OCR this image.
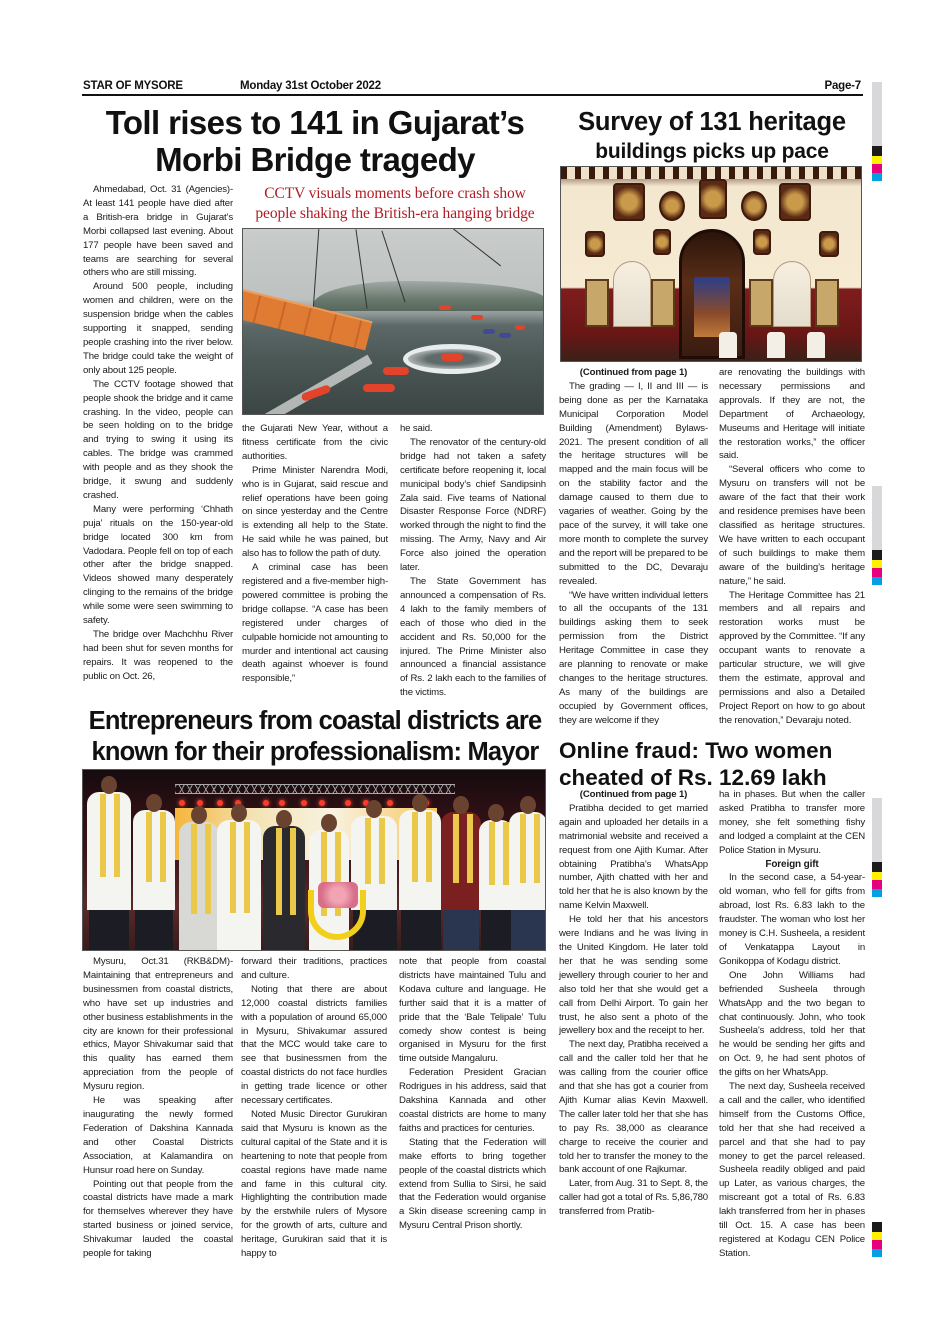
STAR OF MYSORE	Monday 31st October 2022	Page-7
Toll rises to 141 in Gujarat’s
Morbi Bridge tragedy
CCTV visuals moments before crash show
people shaking the British-era hanging bridge

Ahmedabad, Oct. 31 (Agencies)- At least 141 people have died after a British-era bridge in Gujarat’s Morbi collapsed last evening. About 177 people have been saved and teams are searching for several others who are still missing.

Around 500 people, including women and children, were on the suspension bridge when the cables supporting it snapped, sending people crashing into the river below. The bridge could take the weight of only about 125 people.

The CCTV footage showed that people shook the bridge and it came crashing. In the video, people can be seen holding on to the bridge and trying to swing it using its cables. The bridge was crammed with people and as they shook the bridge, it swung and suddenly crashed.

Many were performing ‘Chhath puja’ rituals on the 150-year-old bridge located 300 km from Vadodara. People fell on top of each other after the bridge snapped. Videos showed many desperately clinging to the remains of the bridge while some were seen swimming to safety.

The bridge over Machchhu River had been shut for seven months for repairs. It was reopened to the public on Oct. 26,

the Gujarati New Year, without a fitness certificate from the civic authorities.

Prime Minister Narendra Modi, who is in Gujarat, said rescue and relief operations have been going on since yesterday and the Centre is extending all help to the State. He said while he was pained, but also has to follow the path of duty.

A criminal case has been registered and a five-member high-powered committee is probing the bridge collapse. “A case has been registered under charges of culpable homicide not amounting to murder and intentional act causing death against whoever is found responsible,”

he said.

The renovator of the century-old bridge had not taken a safety certificate before reopening it, local municipal body’s chief Sandipsinh Zala said. Five teams of National Disaster Response Force (NDRF) worked through the night to find the missing. The Army, Navy and Air Force also joined the operation later.

The State Government has announced a compensation of Rs. 4 lakh to the family members of each of those who died in the accident and Rs. 50,000 for the injured. The Prime Minister also announced a financial assistance of Rs. 2 lakh each to the families of the victims.

Survey of 131 heritage
buildings picks up pace

(Continued from page 1)

The grading — I, II and III — is being done as per the Karnataka Municipal Corporation Model Building (Amendment) Bylaws-2021. The present condition of all the heritage structures will be mapped and the main focus will be on the stability factor and the damage caused to them due to vagaries of weather. Going by the pace of the survey, it will take one more month to complete the survey and the report will be prepared to be submitted to the DC, Devaraju revealed.

“We have written individual letters to all the occupants of the 131 buildings asking them to seek permission from the District Heritage Committee in case they are planning to renovate or make changes to the heritage structures. As many of the buildings are occupied by Government offices, they are welcome if they

are renovating the buildings with necessary permissions and approvals. If they are not, the Department of Archaeology, Museums and Heritage will initiate the restoration works,” the officer said.

“Several officers who come to Mysuru on transfers will not be aware of the fact that their work and residence premises have been classified as heritage structures. We have written to each occupant of such buildings to make them aware of the building’s heritage nature,” he said.

The Heritage Committee has 21 members and all repairs and restoration works must be approved by the Committee. “If any occupant wants to renovate a particular structure, we will give them the estimate, approval and permissions and also a Detailed Project Report on how to go about the renovation,” Devaraju noted.

Entrepreneurs from coastal districts are
known for their professionalism: Mayor

Mysuru, Oct.31 (RKB&DM)- Maintaining that entrepreneurs and businessmen from coastal districts, who have set up industries and other business establishments in the city are known for their professional ethics, Mayor Shivakumar said that this quality has earned them appreciation from the people of Mysuru region.

He was speaking after inaugurating the newly formed Federation of Dakshina Kannada and other Coastal Districts Association, at Kalamandira on Hunsur road here on Sunday.

Pointing out that people from the coastal districts have made a mark for themselves wherever they have started business or joined service, Shivakumar lauded the coastal people for taking

forward their traditions, practices and culture.

Noting that there are about 12,000 coastal districts families with a population of around 65,000 in Mysuru, Shivakumar assured that the MCC would take care to see that businessmen from the coastal districts do not face hurdles in getting trade licence or other necessary certificates.

Noted Music Director Gurukiran said that Mysuru is known as the cultural capital of the State and it is heartening to note that people from coastal regions have made name and fame in this cultural city. Highlighting the contribution made by the erstwhile rulers of Mysore for the growth of arts, culture and heritage, Gurukiran said that it is happy to

note that people from coastal districts have maintained Tulu and Kodava culture and language. He further said that it is a matter of pride that the ‘Bale Telipale’ Tulu comedy show contest is being organised in Mysuru for the first time outside Mangaluru.

Federation President Gracian Rodrigues in his address, said that Dakshina Kannada and other coastal districts are home to many faiths and practices for centuries.

Stating that the Federation will make efforts to bring together people of the coastal districts which extend from Sullia to Sirsi, he said that the Federation would organise a Skin disease screening camp in Mysuru Central Prison shortly.

Online fraud: Two women
cheated of Rs. 12.69 lakh

(Continued from page 1)

Pratibha decided to get married again and uploaded her details in a matrimonial website and received a request from one Ajith Kumar. After obtaining Pratibha’s WhatsApp number, Ajith chatted with her and told her that he is also known by the name Kelvin Maxwell.

He told her that his ancestors were Indians and he was living in the United Kingdom. He later told her that he was sending some jewellery through courier to her and also told her that she would get a call from Delhi Airport. To gain her trust, he also sent a photo of the jewellery box and the receipt to her.

The next day, Pratibha received a call and the caller told her that he was calling from the courier office and that she has got a courier from Ajith Kumar alias Kevin Maxwell. The caller later told her that she has to pay Rs. 38,000 as clearance charge to receive the courier and told her to transfer the money to the bank account of one Rajkumar.

Later, from Aug. 31 to Sept. 8, the caller had got a total of Rs. 5,86,780 transferred from Pratib-

ha in phases. But when the caller asked Pratibha to transfer more money, she felt something fishy and lodged a complaint at the CEN Police Station in Mysuru.

Foreign gift

In the second case, a 54-year-old woman, who fell for gifts from abroad, lost Rs. 6.83 lakh to the fraudster. The woman who lost her money is C.H. Susheela, a resident of Venkatappa Layout in Gonikoppa of Kodagu district.

One John Williams had befriended Susheela through WhatsApp and the two began to chat continuously. John, who took Susheela’s address, told her that he would be sending her gifts and on Oct. 9, he had sent photos of the gifts on her WhatsApp.

The next day, Susheela received a call and the caller, who identified himself from the Customs Office, told her that she had received a parcel and that she had to pay money to get the parcel released. Susheela readily obliged and paid up Later, as various charges, the miscreant got a total of Rs. 6.83 lakh transferred from her in phases till Oct. 15. A case has been registered at Kodagu CEN Police Station.
